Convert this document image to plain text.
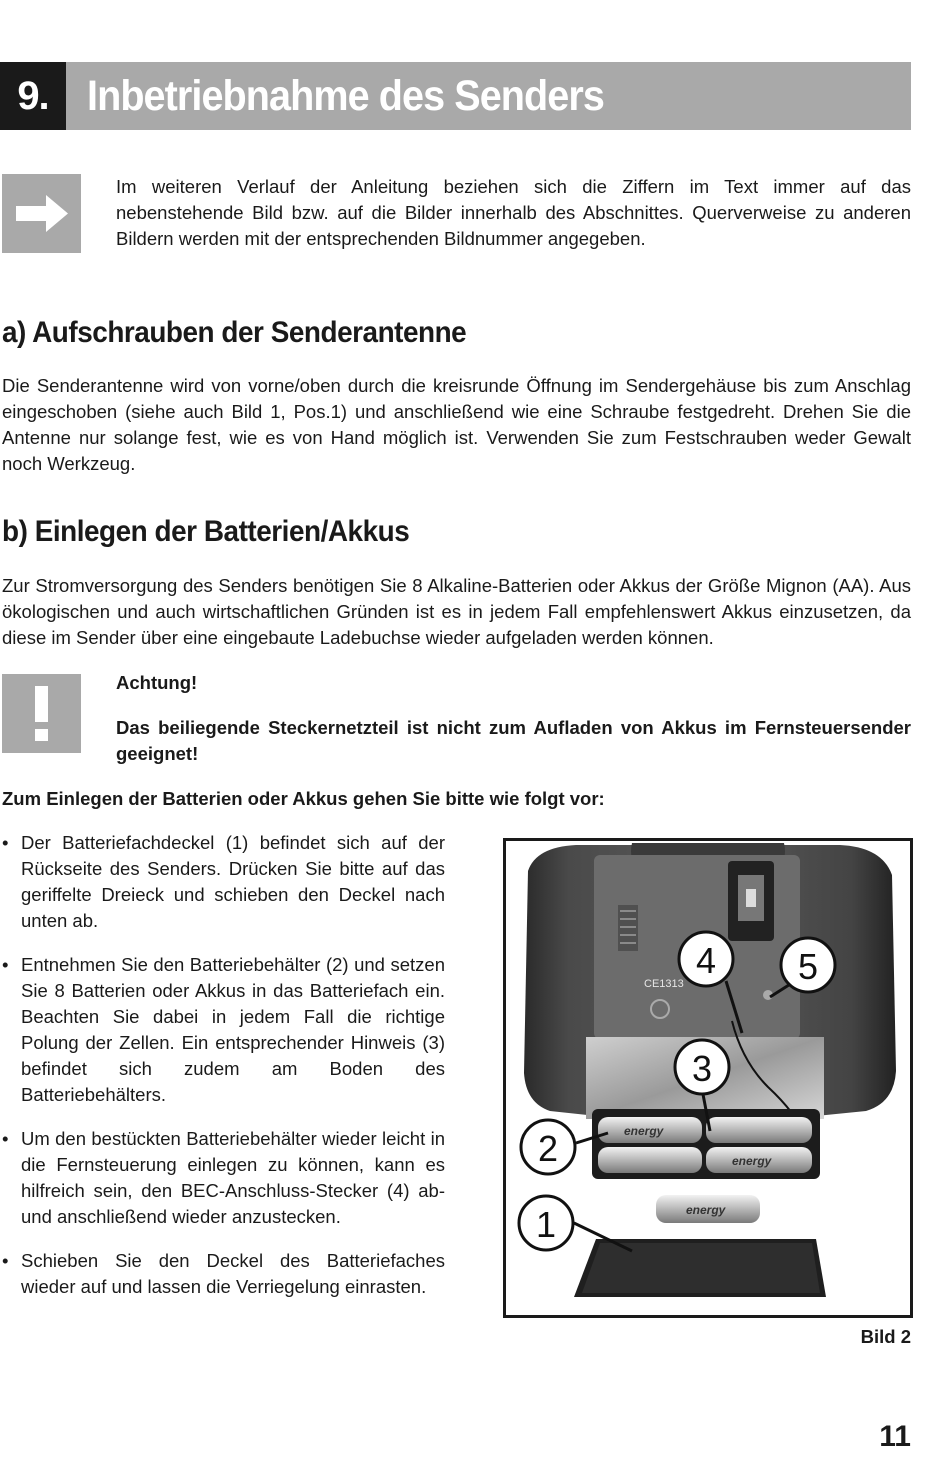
9. Inbetriebnahme des Senders

Im weiteren Verlauf der Anleitung beziehen sich die Ziffern im Text immer auf das nebenstehende Bild bzw. auf die Bilder innerhalb des Abschnittes. Querverweise zu anderen Bildern werden mit der entsprechenden Bildnummer angegeben.

a) Aufschrauben der Senderantenne

Die Senderantenne wird von vorne/oben durch die kreisrunde Öffnung im Sendergehäuse bis zum Anschlag eingeschoben (siehe auch Bild 1, Pos.1) und anschließend wie eine Schraube festgedreht. Drehen Sie die Antenne nur solange fest, wie es von Hand möglich ist. Verwenden Sie zum Festschrauben weder Gewalt noch Werkzeug.

b) Einlegen der Batterien/Akkus

Zur Stromversorgung des Senders benötigen Sie 8 Alkaline-Batterien oder Akkus der Größe Mignon (AA). Aus ökologischen und auch wirtschaftlichen Gründen ist es in jedem Fall empfehlenswert Akkus einzusetzen, da diese im Sender über eine eingebaute Ladebuchse wieder aufgeladen werden können.

Achtung!

Das beiliegende Steckernetzteil ist nicht zum Aufladen von Akkus im Fernsteuersender geeignet!

Zum Einlegen der Batterien oder Akkus gehen Sie bitte wie folgt vor:
• Der Batteriefachdeckel (1) befindet sich auf der Rückseite des Senders. Drücken Sie bitte auf das geriffelte Dreieck und schieben den Deckel nach unten ab.
• Entnehmen Sie den Batteriebehälter (2) und setzen Sie 8 Batterien oder Akkus in das Batteriefach ein. Beachten Sie dabei in jedem Fall die richtige Polung der Zellen. Ein entsprechender Hinweis (3) befindet sich zudem am Boden des Batteriebehälters.
• Um den bestückten Batteriebehälter wieder leicht in die Fernsteuerung einlegen zu können, kann es hilfreich sein, den BEC-Anschluss-Stecker (4) ab- und anschließend wieder anzustecken.
• Schieben Sie den Deckel des Batteriefaches wieder auf und lassen die Verriegelung einrasten.
CE1313
energy
energy
energy
1
2
3
4 5
Bild 2
11
